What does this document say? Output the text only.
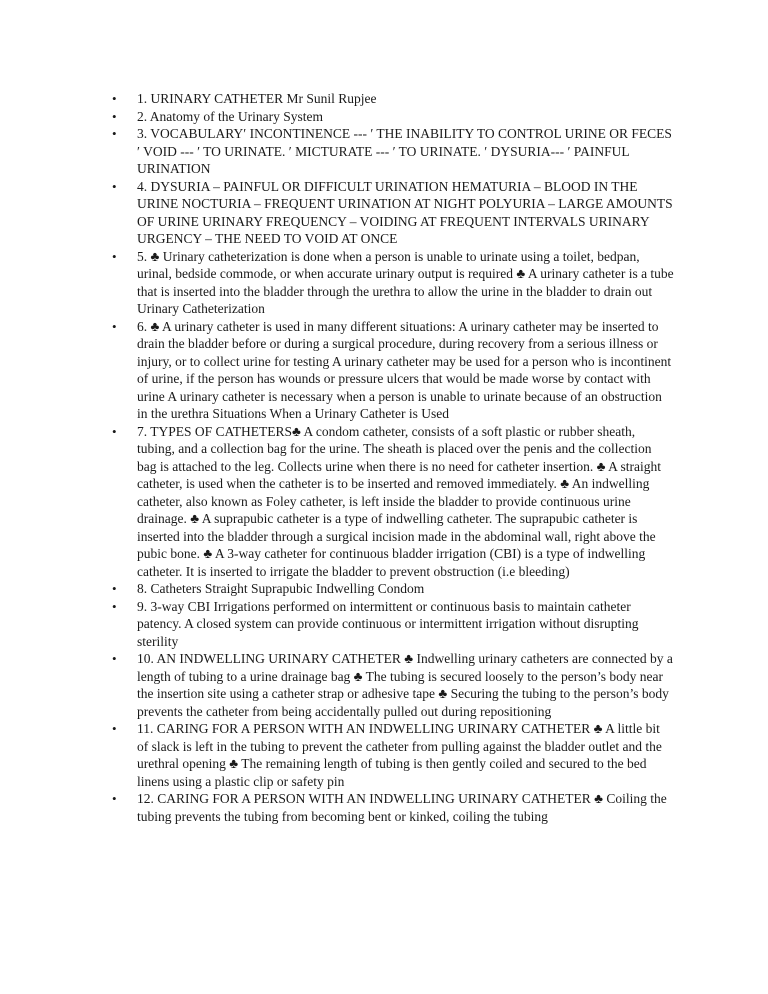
• 1. URINARY CATHETER Mr Sunil Rupjee
• 2. Anatomy of the Urinary System
• 3. VOCABULARY′ INCONTINENCE --- ′ THE INABILITY TO CONTROL URINE OR FECES ′ VOID --- ′ TO URINATE. ′ MICTURATE --- ′ TO URINATE. ′ DYSURIA--- ′ PAINFUL URINATION
• 4. DYSURIA – PAINFUL OR DIFFICULT URINATION HEMATURIA – BLOOD IN THE URINE NOCTURIA – FREQUENT URINATION AT NIGHT POLYURIA – LARGE AMOUNTS OF URINE URINARY FREQUENCY – VOIDING AT FREQUENT INTERVALS URINARY URGENCY – THE NEED TO VOID AT ONCE
• 5. ♣ Urinary catheterization is done when a person is unable to urinate using a toilet, bedpan, urinal, bedside commode, or when accurate urinary output is required ♣ A urinary catheter is a tube that is inserted into the bladder through the urethra to allow the urine in the bladder to drain out Urinary Catheterization
• 6. ♣ A urinary catheter is used in many different situations: A urinary catheter may be inserted to drain the bladder before or during a surgical procedure, during recovery from a serious illness or injury, or to collect urine for testing A urinary catheter may be used for a person who is incontinent of urine, if the person has wounds or pressure ulcers that would be made worse by contact with urine A urinary catheter is necessary when a person is unable to urinate because of an obstruction in the urethra Situations When a Urinary Catheter is Used
• 7. TYPES OF CATHETERS♣ A condom catheter, consists of a soft plastic or rubber sheath, tubing, and a collection bag for the urine. The sheath is placed over the penis and the collection bag is attached to the leg. Collects urine when there is no need for catheter insertion. ♣ A straight catheter, is used when the catheter is to be inserted and removed immediately. ♣ An indwelling catheter, also known as Foley catheter, is left inside the bladder to provide continuous urine drainage. ♣ A suprapubic catheter is a type of indwelling catheter. The suprapubic catheter is inserted into the bladder through a surgical incision made in the abdominal wall, right above the pubic bone. ♣ A 3-way catheter for continuous bladder irrigation (CBI) is a type of indwelling catheter. It is inserted to irrigate the bladder to prevent obstruction (i.e bleeding)
• 8. Catheters Straight Suprapubic Indwelling Condom
• 9. 3-way CBI Irrigations performed on intermittent or continuous basis to maintain catheter patency. A closed system can provide continuous or intermittent irrigation without disrupting sterility
• 10. AN INDWELLING URINARY CATHETER ♣ Indwelling urinary catheters are connected by a length of tubing to a urine drainage bag ♣ The tubing is secured loosely to the person’s body near the insertion site using a catheter strap or adhesive tape ♣ Securing the tubing to the person’s body prevents the catheter from being accidentally pulled out during repositioning
• 11. CARING FOR A PERSON WITH AN INDWELLING URINARY CATHETER ♣ A little bit of slack is left in the tubing to prevent the catheter from pulling against the bladder outlet and the urethral opening ♣ The remaining length of tubing is then gently coiled and secured to the bed linens using a plastic clip or safety pin
• 12. CARING FOR A PERSON WITH AN INDWELLING URINARY CATHETER ♣ Coiling the tubing prevents the tubing from becoming bent or kinked, coiling the tubing
